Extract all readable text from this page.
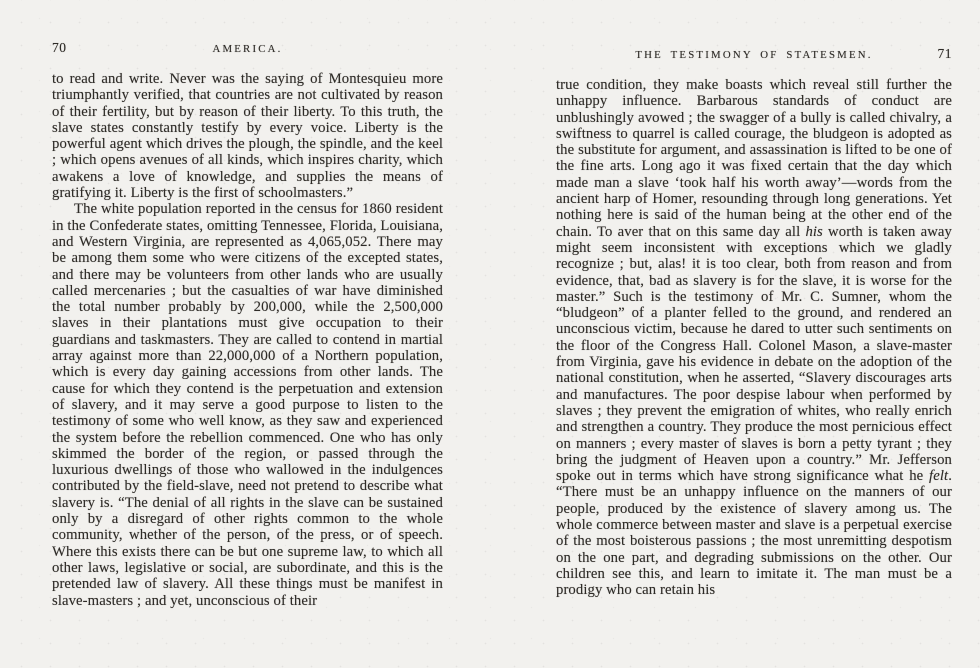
70	AMERICA.

to read and write. Never was the saying of Montesquieu more triumphantly verified, that countries are not cultivated by reason of their fertility, but by reason of their liberty. To this truth, the slave states constantly testify by every voice. Liberty is the powerful agent which drives the plough, the spindle, and the keel ; which opens avenues of all kinds, which inspires charity, which awakens a love of knowledge, and supplies the means of gratifying it. Liberty is the first of schoolmasters.”

The white population reported in the census for 1860 resident in the Confederate states, omitting Tennessee, Florida, Louisiana, and Western Virginia, are represented as 4,065,052. There may be among them some who were citizens of the excepted states, and there may be volunteers from other lands who are usually called mercenaries ; but the casualties of war have diminished the total number probably by 200,000, while the 2,500,000 slaves in their plantations must give occupation to their guardians and taskmasters. They are called to contend in martial array against more than 22,000,000 of a Northern population, which is every day gaining accessions from other lands. The cause for which they contend is the perpetuation and extension of slavery, and it may serve a good purpose to listen to the testimony of some who well know, as they saw and experienced the system before the rebellion commenced. One who has only skimmed the border of the region, or passed through the luxurious dwellings of those who wallowed in the indulgences contributed by the field-slave, need not pretend to describe what slavery is. “The denial of all rights in the slave can be sustained only by a disregard of other rights common to the whole community, whether of the person, of the press, or of speech. Where this exists there can be but one supreme law, to which all other laws, legislative or social, are subordinate, and this is the pretended law of slavery. All these things must be manifest in slave-masters ; and yet, unconscious of their

THE TESTIMONY OF STATESMEN.	71

true condition, they make boasts which reveal still further the unhappy influence. Barbarous standards of conduct are unblushingly avowed ; the swagger of a bully is called chivalry, a swiftness to quarrel is called courage, the bludgeon is adopted as the substitute for argument, and assassination is lifted to be one of the fine arts. Long ago it was fixed certain that the day which made man a slave ‘took half his worth away’—words from the ancient harp of Homer, resounding through long generations. Yet nothing here is said of the human being at the other end of the chain. To aver that on this same day all his worth is taken away might seem inconsistent with exceptions which we gladly recognize ; but, alas! it is too clear, both from reason and from evidence, that, bad as slavery is for the slave, it is worse for the master.” Such is the testimony of Mr. C. Sumner, whom the “bludgeon” of a planter felled to the ground, and rendered an unconscious victim, because he dared to utter such sentiments on the floor of the Congress Hall. Colonel Mason, a slave-master from Virginia, gave his evidence in debate on the adoption of the national constitution, when he asserted, “Slavery discourages arts and manufactures. The poor despise labour when performed by slaves ; they prevent the emigration of whites, who really enrich and strengthen a country. They produce the most pernicious effect on manners ; every master of slaves is born a petty tyrant ; they bring the judgment of Heaven upon a country.” Mr. Jefferson spoke out in terms which have strong significance what he felt. “There must be an unhappy influence on the manners of our people, produced by the existence of slavery among us. The whole commerce between master and slave is a perpetual exercise of the most boisterous passions ; the most unremitting despotism on the one part, and degrading submissions on the other. Our children see this, and learn to imitate it. The man must be a prodigy who can retain his
